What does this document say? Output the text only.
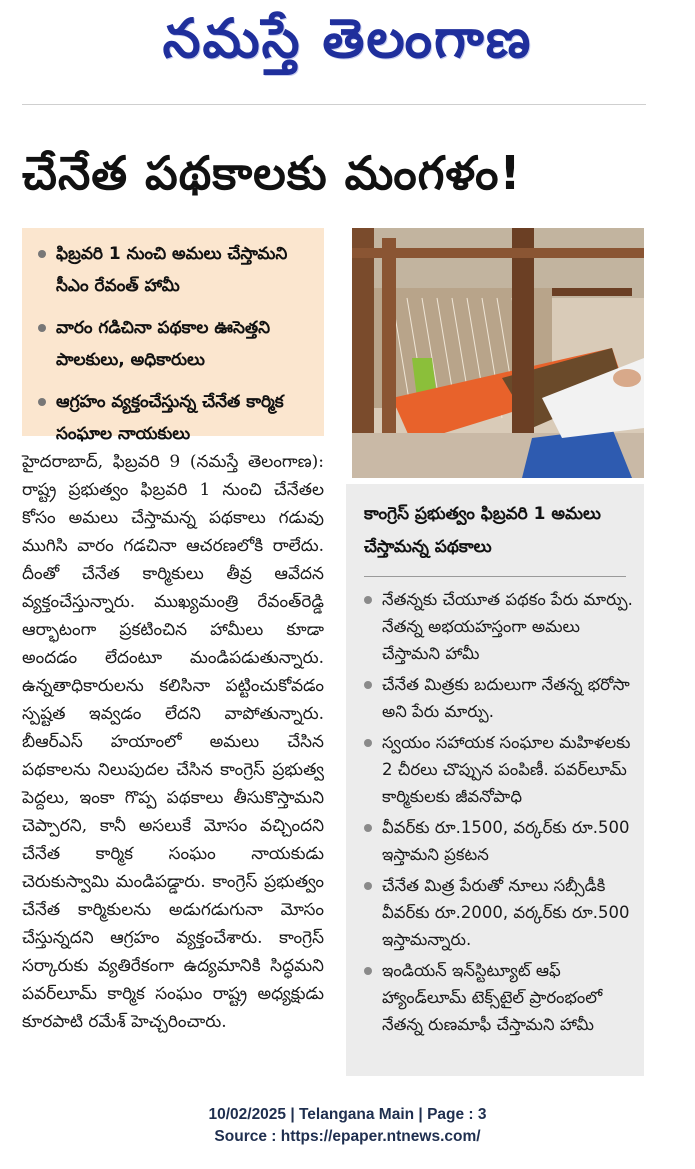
నమస్తే తెలంగాణ
చేనేత పథకాలకు మంగళం!
ఫిబ్రవరి 1 నుంచి అమలు చేస్తామని సీఎం రేవంత్ హామీ
వారం గడిచినా పథకాల ఊసెత్తని పాలకులు, అధికారులు
ఆగ్రహం వ్యక్తంచేస్తున్న చేనేత కార్మిక సంఘాల నాయకులు
హైదరాబాద్, ఫిబ్రవరి 9 (నమస్తే తెలంగాణ): రాష్ట్ర ప్రభుత్వం ఫిబ్రవరి 1 నుంచి చేనేతల కోసం అమలు చేస్తామన్న పథకాలు గడువు ముగిసి వారం గడచినా ఆచరణలోకి రాలేదు. దీంతో చేనేత కార్మికులు తీవ్ర ఆవేదన వ్యక్తంచేస్తున్నారు. ముఖ్యమంత్రి రేవంత్‌రెడ్డి ఆర్భాటంగా ప్రకటించిన హామీలు కూడా అందడం లేదంటూ మండిపడుతున్నారు. ఉన్నతాధికారులను కలిసినా పట్టించుకోవడం స్పష్టత ఇవ్వడం లేదని వాపోతున్నారు. బీఆర్‌ఎస్ హయాంలో అమలు చేసిన పథకాలను నిలుపుదల చేసిన కాంగ్రెస్ ప్రభుత్వ పెద్దలు, ఇంకా గొప్ప పథకాలు తీసుకొస్తామని చెప్పారని, కానీ అసలుకే మోసం వచ్చిందని చేనేత కార్మిక సంఘం నాయకుడు చెరుకుస్వామి మండిపడ్డారు. కాంగ్రెస్ ప్రభుత్వం చేనేత కార్మికులను అడుగడుగునా మోసం చేస్తున్నదని ఆగ్రహం వ్యక్తంచేశారు. కాంగ్రెస్ సర్కారుకు వ్యతిరేకంగా ఉద్యమానికి సిద్ధమని పవర్‌లూమ్ కార్మిక సంఘం రాష్ట్ర అధ్యక్షుడు కూరపాటి రమేశ్ హెచ్చరించారు.
కాంగ్రెస్ ప్రభుత్వం ఫిబ్రవరి 1 అమలు చేస్తామన్న పథకాలు
నేతన్నకు చేయూత పథకం పేరు మార్పు. నేతన్న అభయహస్తంగా అమలు చేస్తామని హామీ
చేనేత మిత్రకు బదులుగా నేతన్న భరోసా అని పేరు మార్పు.
స్వయం సహాయక సంఘాల మహిళలకు 2 చీరలు చొప్పున పంపిణీ. పవర్‌లూమ్ కార్మికులకు జీవనోపాధి
వీవర్‌కు రూ.1500, వర్కర్‌కు రూ.500 ఇస్తామని ప్రకటన
చేనేత మిత్ర పేరుతో నూలు సబ్సీడీకి వీవర్‌కు రూ.2000, వర్కర్‌కు రూ.500 ఇస్తామన్నారు.
ఇండియన్ ఇన్‌స్టిట్యూట్ ఆఫ్ హ్యాండ్‌లూమ్ టెక్స్‌టైల్ ప్రారంభంలో నేతన్న రుణమాఫీ చేస్తామని హామీ
10/02/2025 | Telangana Main | Page : 3
Source : https://epaper.ntnews.com/
